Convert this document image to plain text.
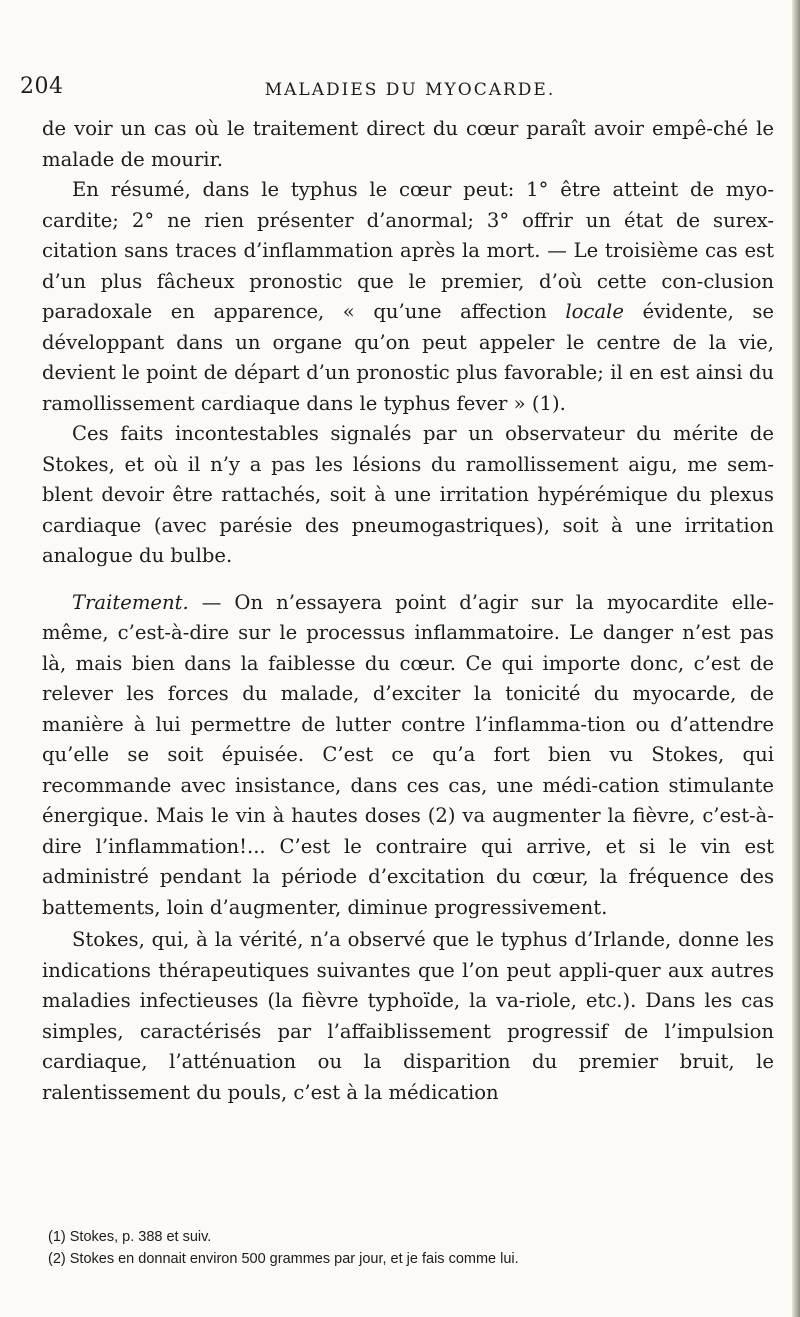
204	MALADIES DU MYOCARDE.

de voir un cas où le traitement direct du cœur paraît avoir empê-ché le malade de mourir.

En résumé, dans le typhus le cœur peut: 1° être atteint de myo-cardite; 2° ne rien présenter d’anormal; 3° offrir un état de surex-citation sans traces d’inflammation après la mort. — Le troisième cas est d’un plus fâcheux pronostic que le premier, d’où cette con-clusion paradoxale en apparence, « qu’une affection locale évidente, se développant dans un organe qu’on peut appeler le centre de la vie, devient le point de départ d’un pronostic plus favorable; il en est ainsi du ramollissement cardiaque dans le typhus fever » (1).

Ces faits incontestables signalés par un observateur du mérite de Stokes, et où il n’y a pas les lésions du ramollissement aigu, me sem-blent devoir être rattachés, soit à une irritation hypérémique du plexus cardiaque (avec parésie des pneumogastriques), soit à une irritation analogue du bulbe.

Traitement. — On n’essayera point d’agir sur la myocardite elle-même, c’est-à-dire sur le processus inflammatoire. Le danger n’est pas là, mais bien dans la faiblesse du cœur. Ce qui importe donc, c’est de relever les forces du malade, d’exciter la tonicité du myocarde, de manière à lui permettre de lutter contre l’inflamma-tion ou d’attendre qu’elle se soit épuisée. C’est ce qu’a fort bien vu Stokes, qui recommande avec insistance, dans ces cas, une médi-cation stimulante énergique. Mais le vin à hautes doses (2) va augmenter la fièvre, c’est-à-dire l’inflammation!... C’est le contraire qui arrive, et si le vin est administré pendant la période d’excitation du cœur, la fréquence des battements, loin d’augmenter, diminue progressivement.

Stokes, qui, à la vérité, n’a observé que le typhus d’Irlande, donne les indications thérapeutiques suivantes que l’on peut appli-quer aux autres maladies infectieuses (la fièvre typhoïde, la va-riole, etc.). Dans les cas simples, caractérisés par l’affaiblissement progressif de l’impulsion cardiaque, l’atténuation ou la disparition du premier bruit, le ralentissement du pouls, c’est à la médication

(1) Stokes, p. 388 et suiv.

(2) Stokes en donnait environ 500 grammes par jour, et je fais comme lui.
